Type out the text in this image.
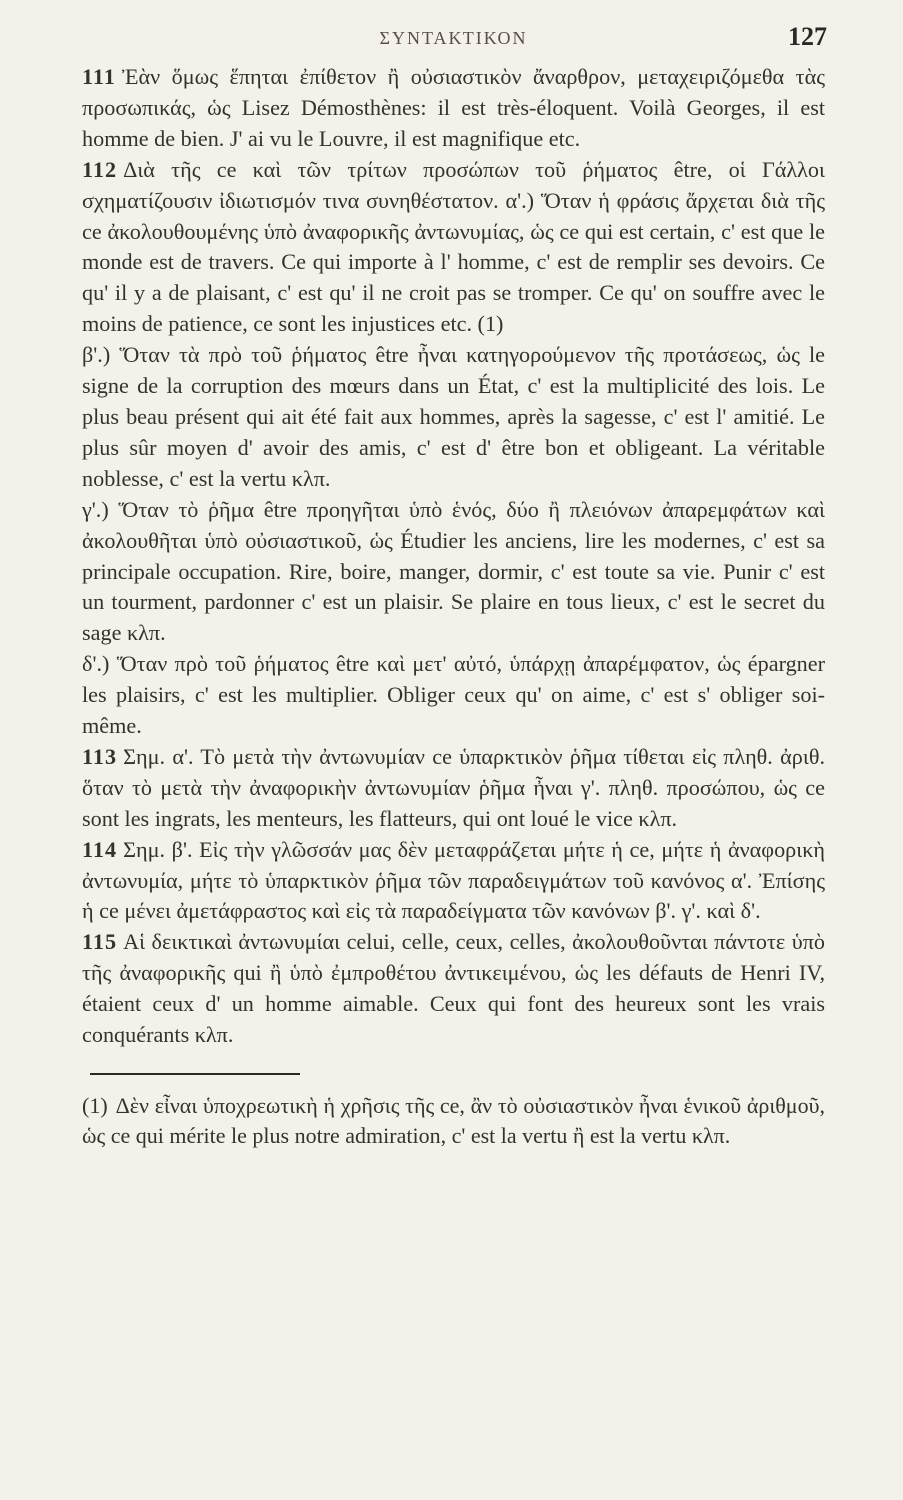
ΣΥΝΤΑΚΤΙΚΟΝ	127

111 Ἐὰν ὅμως ἕπηται ἐπίθετον ἢ οὐσιαστικὸν ἄναρθρον, μεταχειριζόμεθα τὰς προσωπικάς, ὡς Lisez Démosthènes: il est très-éloquent. Voilà Georges, il est homme de bien. J' ai vu le Louvre, il est magnifique etc.

112 Διὰ τῆς ce καὶ τῶν τρίτων προσώπων τοῦ ῥήματος être, οἱ Γάλλοι σχηματίζουσιν ἰδιωτισμόν τινα συνηθέστατον. α'.) Ὅταν ἡ φράσις ἄρχεται διὰ τῆς ce ἀκολουθουμένης ὑπὸ ἀναφορικῆς ἀντωνυμίας, ὡς ce qui est certain, c' est que le monde est de travers. Ce qui importe à l' homme, c' est de remplir ses devoirs. Ce qu' il y a de plaisant, c' est qu' il ne croit pas se tromper. Ce qu' on souffre avec le moins de patience, ce sont les injustices etc. (1)

β'.) Ὅταν τὰ πρὸ τοῦ ῥήματος être ἦναι κατηγορούμενον τῆς προτάσεως, ὡς le signe de la corruption des mœurs dans un État, c' est la multiplicité des lois. Le plus beau présent qui ait été fait aux hommes, après la sagesse, c' est l' amitié. Le plus sûr moyen d' avoir des amis, c' est d' être bon et obligeant. La véritable noblesse, c' est la vertu κλπ.

γ'.) Ὅταν τὸ ῥῆμα être προηγῆται ὑπὸ ἑνός, δύο ἢ πλειόνων ἀπαρεμφάτων καὶ ἀκολουθῆται ὑπὸ οὐσιαστικοῦ, ὡς Étudier les anciens, lire les modernes, c' est sa principale occupation. Rire, boire, manger, dormir, c' est toute sa vie. Punir c' est un tourment, pardonner c' est un plaisir. Se plaire en tous lieux, c' est le secret du sage κλπ.

δ'.) Ὅταν πρὸ τοῦ ῥήματος être καὶ μετ' αὐτό, ὑπάρχῃ ἀπαρέμφατον, ὡς épargner les plaisirs, c' est les multiplier. Obliger ceux qu' on aime, c' est s' obliger soi-même.

113 Σημ. α'. Τὸ μετὰ τὴν ἀντωνυμίαν ce ὑπαρκτικὸν ῥῆμα τίθεται εἰς πληθ. ἀριθ. ὅταν τὸ μετὰ τὴν ἀναφορικὴν ἀντωνυμίαν ῥῆμα ἦναι γ'. πληθ. προσώπου, ὡς ce sont les ingrats, les menteurs, les flatteurs, qui ont loué le vice κλπ.

114 Σημ. β'. Εἰς τὴν γλῶσσάν μας δὲν μεταφράζεται μήτε ἡ ce, μήτε ἡ ἀναφορικὴ ἀντωνυμία, μήτε τὸ ὑπαρκτικὸν ῥῆμα τῶν παραδειγμάτων τοῦ κανόνος α'. Ἐπίσης ἡ ce μένει ἀμετάφραστος καὶ εἰς τὰ παραδείγματα τῶν κανόνων β'. γ'. καὶ δ'.

115 Αἱ δεικτικαὶ ἀντωνυμίαι celui, celle, ceux, celles, ἀκολουθοῦνται πάντοτε ὑπὸ τῆς ἀναφορικῆς qui ἢ ὑπὸ ἐμπροθέτου ἀντικειμένου, ὡς les défauts de Henri IV, étaient ceux d' un homme aimable. Ceux qui font des heureux sont les vrais conquérants κλπ.

(1) Δὲν εἶναι ὑποχρεωτικὴ ἡ χρῆσις τῆς ce, ἂν τὸ οὐσιαστικὸν ἦναι ἑνικοῦ ἀριθμοῦ, ὡς ce qui mérite le plus notre admiration, c' est la vertu ἢ est la vertu κλπ.
